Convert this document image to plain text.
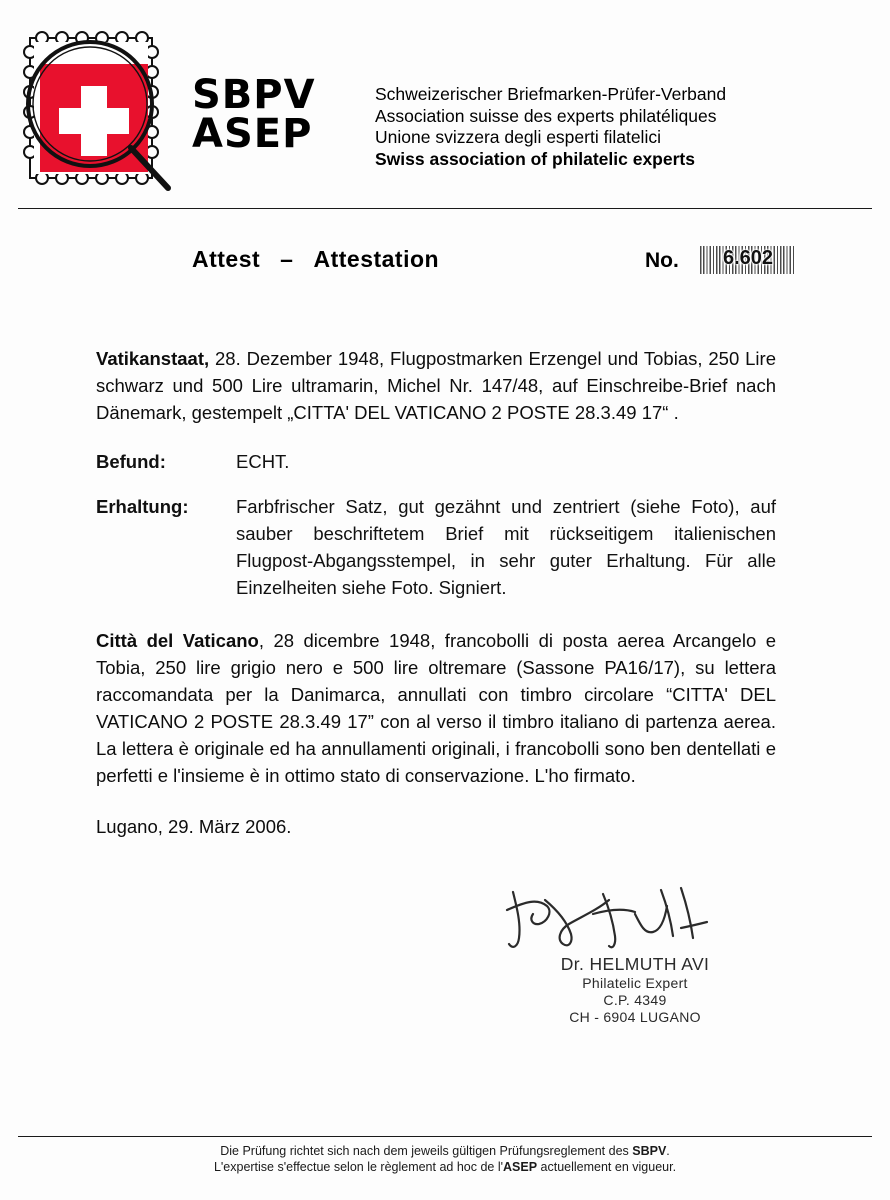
SBPV
ASEP
Schweizerischer Briefmarken-Prüfer-Verband
Association suisse des experts philatéliques
Unione svizzera degli esperti filatelici
Swiss association of philatelic experts
Attest – Attestation	No.	6.602

Vatikanstaat, 28. Dezember 1948, Flugpostmarken Erzengel und Tobias, 250 Lire schwarz und 500 Lire ultramarin, Michel Nr. 147/48, auf Einschreibe-Brief nach Dänemark, gestempelt „CITTA' DEL VATICANO 2 POSTE 28.3.49 17“ .

Befund:	ECHT.
Erhaltung:	Farbfrischer Satz, gut gezähnt und zentriert (siehe Foto), auf sauber beschriftetem Brief mit rückseitigem italienischen Flugpost-Abgangsstempel, in sehr guter Erhaltung. Für alle Einzelheiten siehe Foto. Signiert.

Città del Vaticano, 28 dicembre 1948, francobolli di posta aerea Arcangelo e Tobia, 250 lire grigio nero e 500 lire oltremare (Sassone PA16/17), su lettera raccomandata per la Danimarca, annullati con timbro circolare “CITTA' DEL VATICANO 2 POSTE 28.3.49 17” con al verso il timbro italiano di partenza aerea. La lettera è originale ed ha annullamenti originali, i francobolli sono ben dentellati e perfetti e l'insieme è in ottimo stato di conservazione. L'ho firmato.

Lugano, 29. März 2006.

Dr. HELMUTH AVI
Philatelic Expert
C.P. 4349
CH - 6904 LUGANO
Die Prüfung richtet sich nach dem jeweils gültigen Prüfungsreglement des SBPV.
L'expertise s'effectue selon le règlement ad hoc de l'ASEP actuellement en vigueur.
